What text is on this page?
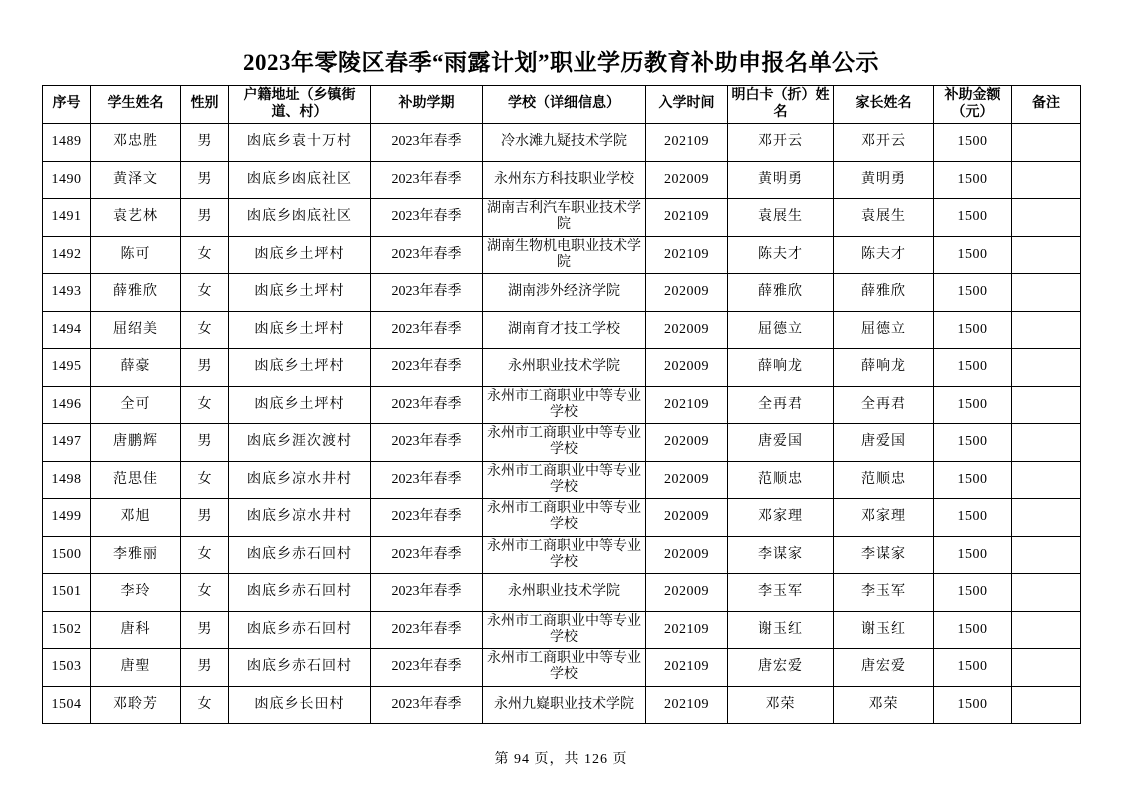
2023年零陵区春季“雨露计划”职业学历教育补助申报名单公示
序号	学生姓名	性别	户籍地址（乡镇街道、村）	补助学期	学校（详细信息）	入学时间	明白卡（折）姓名	家长姓名	补助金额（元）	备注
1489	邓忠胜	男	凼底乡袁十万村	2023年春季	冷水滩九疑技术学院	202109	邓开云	邓开云	1500	
1490	黄泽文	男	凼底乡凼底社区	2023年春季	永州东方科技职业学校	202009	黄明勇	黄明勇	1500	
1491	袁艺林	男	凼底乡凼底社区	2023年春季	湖南吉利汽车职业技术学院	202109	袁展生	袁展生	1500	
1492	陈可	女	凼底乡土坪村	2023年春季	湖南生物机电职业技术学院	202109	陈夫才	陈夫才	1500	
1493	薛雅欣	女	凼底乡土坪村	2023年春季	湖南涉外经济学院	202009	薛雅欣	薛雅欣	1500	
1494	屈绍美	女	凼底乡土坪村	2023年春季	湖南育才技工学校	202009	屈德立	屈德立	1500	
1495	薛豪	男	凼底乡土坪村	2023年春季	永州职业技术学院	202009	薛响龙	薛响龙	1500	
1496	全可	女	凼底乡土坪村	2023年春季	永州市工商职业中等专业学校	202109	全再君	全再君	1500	
1497	唐鹏辉	男	凼底乡涯次渡村	2023年春季	永州市工商职业中等专业学校	202009	唐爱国	唐爱国	1500	
1498	范思佳	女	凼底乡凉水井村	2023年春季	永州市工商职业中等专业学校	202009	范顺忠	范顺忠	1500	
1499	邓旭	男	凼底乡凉水井村	2023年春季	永州市工商职业中等专业学校	202009	邓家理	邓家理	1500	
1500	李雅丽	女	凼底乡赤石回村	2023年春季	永州市工商职业中等专业学校	202009	李谋家	李谋家	1500	
1501	李玲	女	凼底乡赤石回村	2023年春季	永州职业技术学院	202009	李玉军	李玉军	1500	
1502	唐科	男	凼底乡赤石回村	2023年春季	永州市工商职业中等专业学校	202109	谢玉红	谢玉红	1500	
1503	唐聖	男	凼底乡赤石回村	2023年春季	永州市工商职业中等专业学校	202109	唐宏爱	唐宏爱	1500	
1504	邓聆芳	女	凼底乡长田村	2023年春季	永州九嶷职业技术学院	202109	邓荣	邓荣	1500	
第 94 页，共 126 页
